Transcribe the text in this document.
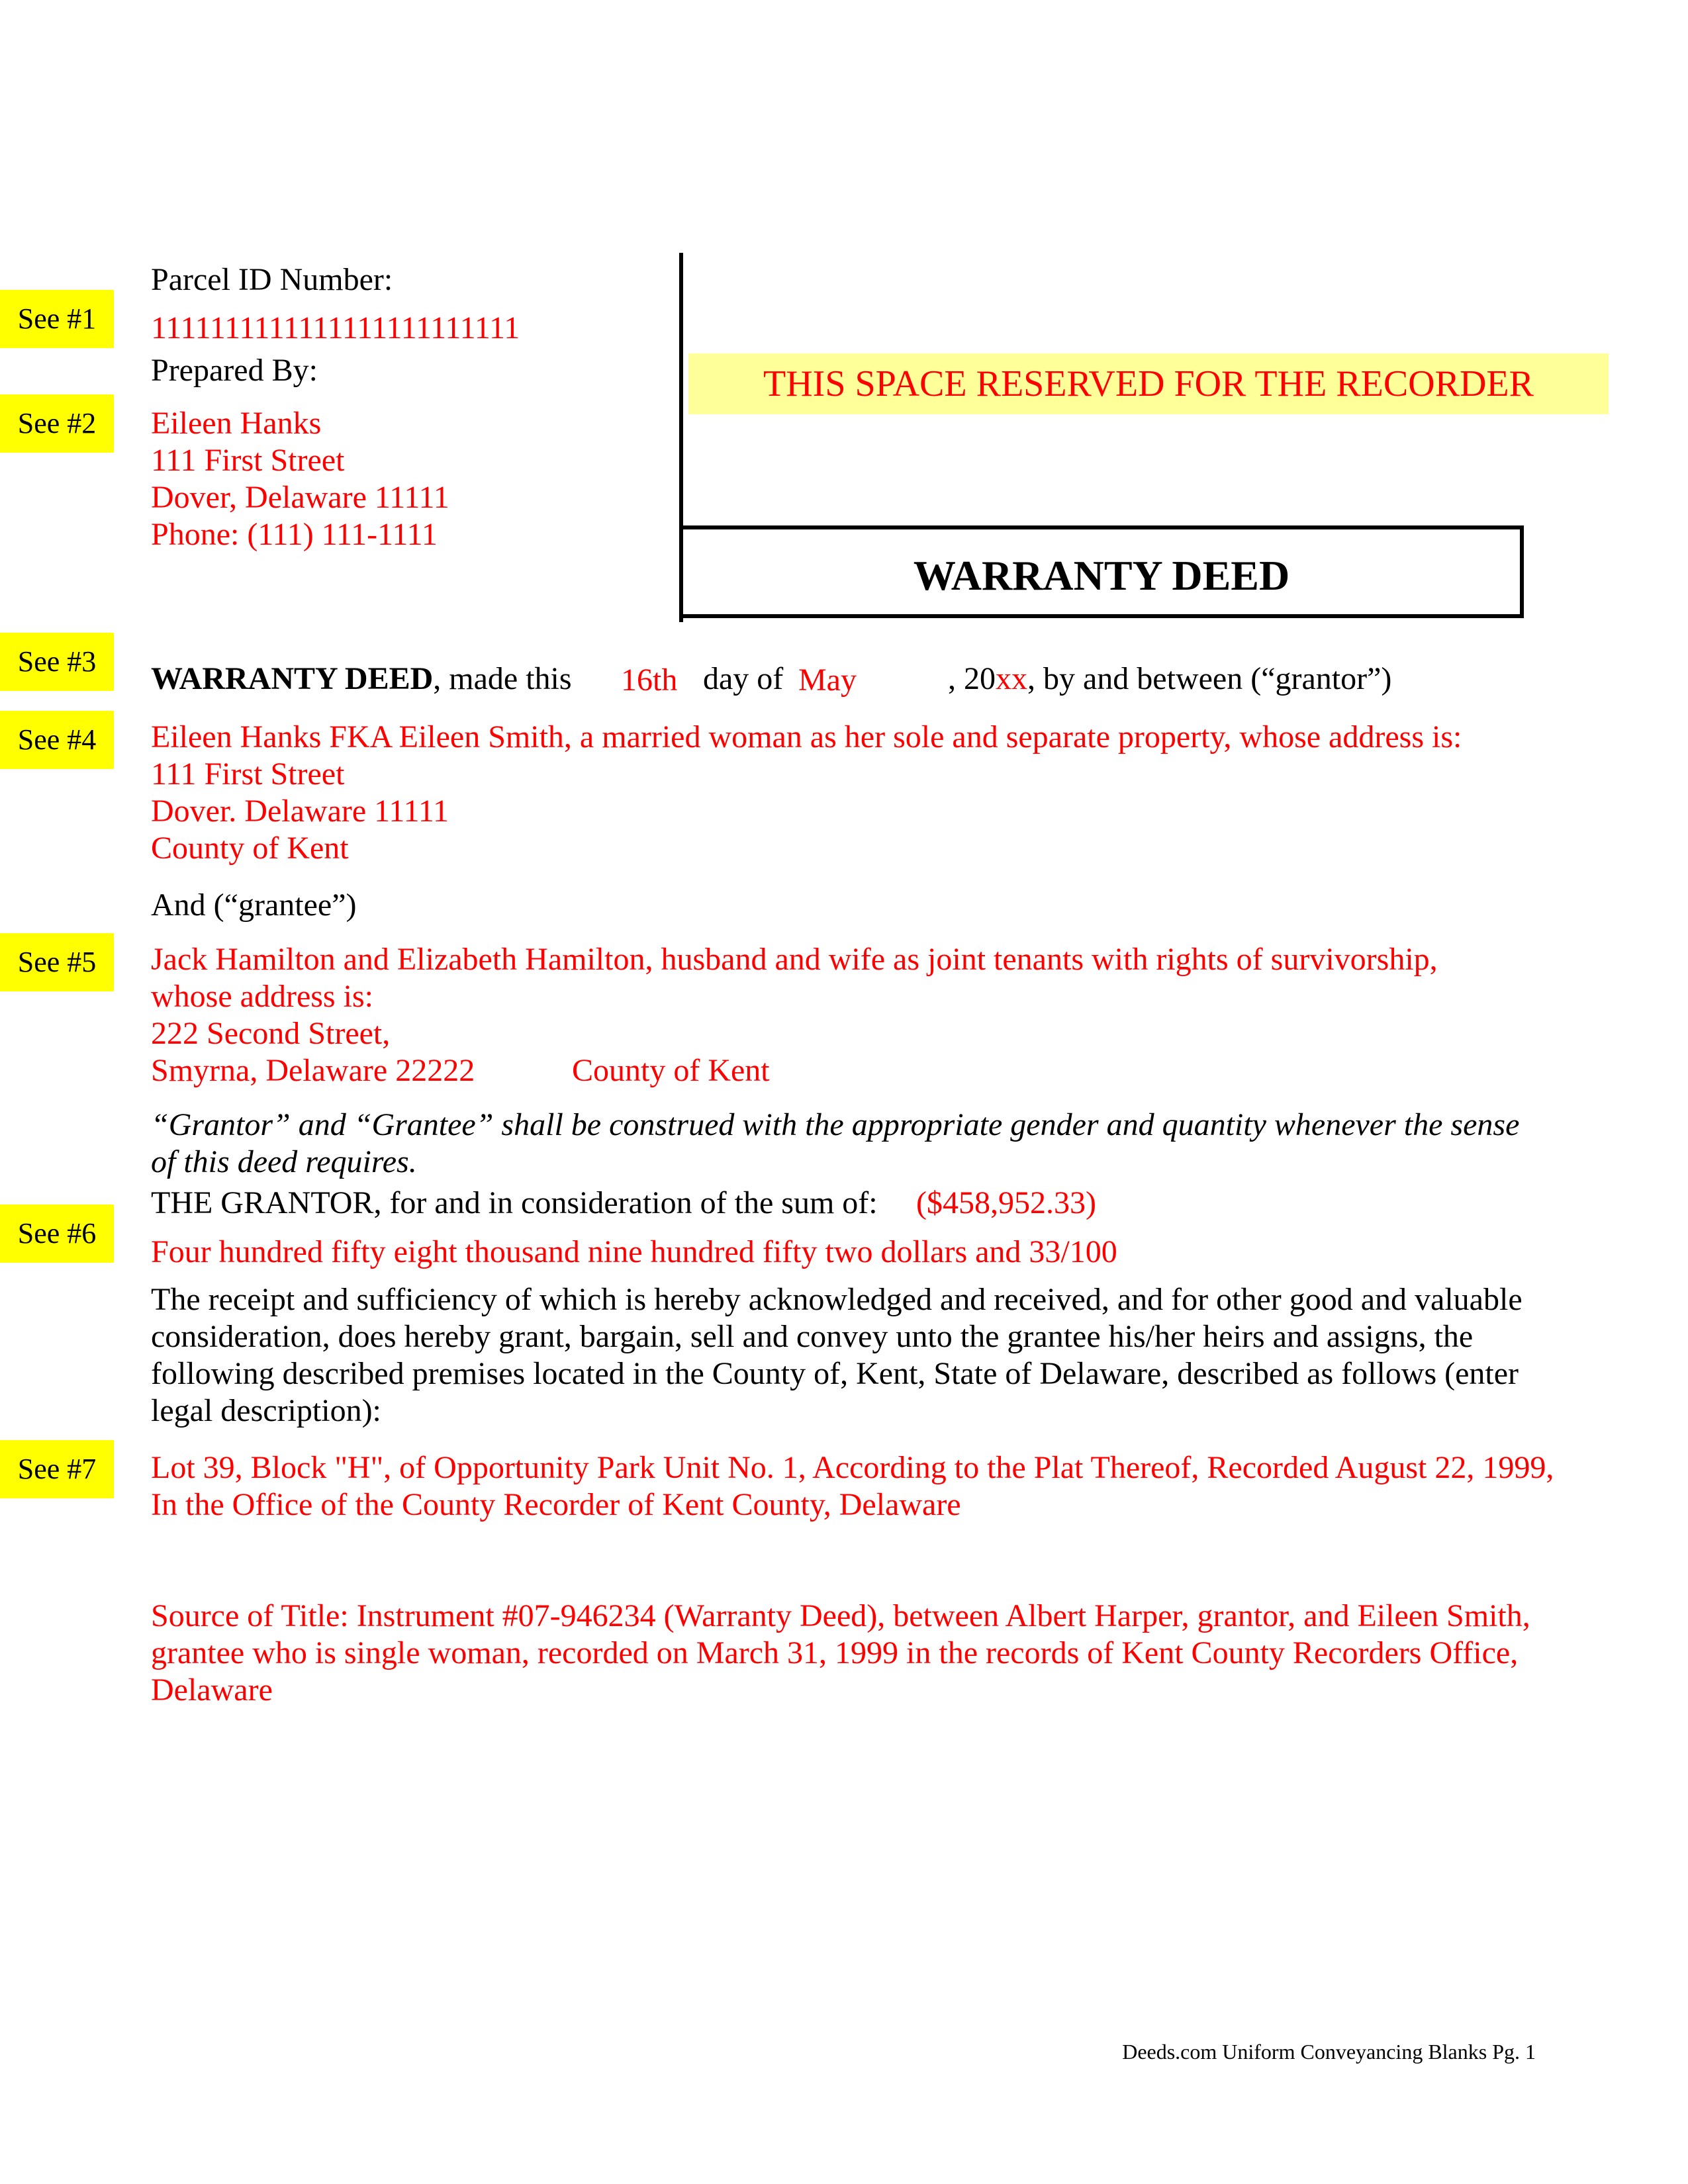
See #1
See #2
See #3
See #4
See #5
See #6
See #7
Parcel ID Number:
1111111111111111111111111
Prepared By:
Eileen Hanks
111 First Street
Dover, Delaware 11111
Phone: (111) 111-1111
THIS SPACE RESERVED FOR THE RECORDER
WARRANTY DEED
WARRANTY DEED, made this 16th day of May	, 20xx, by and between (“grantor”)
Eileen Hanks FKA Eileen Smith, a married woman as her sole and separate property, whose address is:
111 First Street
Dover. Delaware 11111
County of Kent
And (“grantee”)
Jack Hamilton and Elizabeth Hamilton, husband and wife as joint tenants with rights of survivorship,
whose address is:
222 Second Street,
Smyrna, Delaware 22222	County of Kent
“Grantor” and “Grantee” shall be construed with the appropriate gender and quantity whenever the sense of this deed requires.
THE GRANTOR, for and in consideration of the sum of: ($458,952.33)
Four hundred fifty eight thousand nine hundred fifty two dollars and 33/100
The receipt and sufficiency of which is hereby acknowledged and received, and for other good and valuable consideration, does hereby grant, bargain, sell and convey unto the grantee his/her heirs and assigns, the following described premises located in the County of, Kent, State of Delaware, described as follows (enter legal description):
Lot 39, Block "H", of Opportunity Park Unit No. 1, According to the Plat Thereof, Recorded August 22, 1999, In the Office of the County Recorder of Kent County, Delaware
Source of Title: Instrument #07-946234 (Warranty Deed), between Albert Harper, grantor, and Eileen Smith, grantee who is single woman, recorded on March 31, 1999 in the records of Kent County Recorders Office, Delaware
Deeds.com Uniform Conveyancing Blanks Pg. 1
